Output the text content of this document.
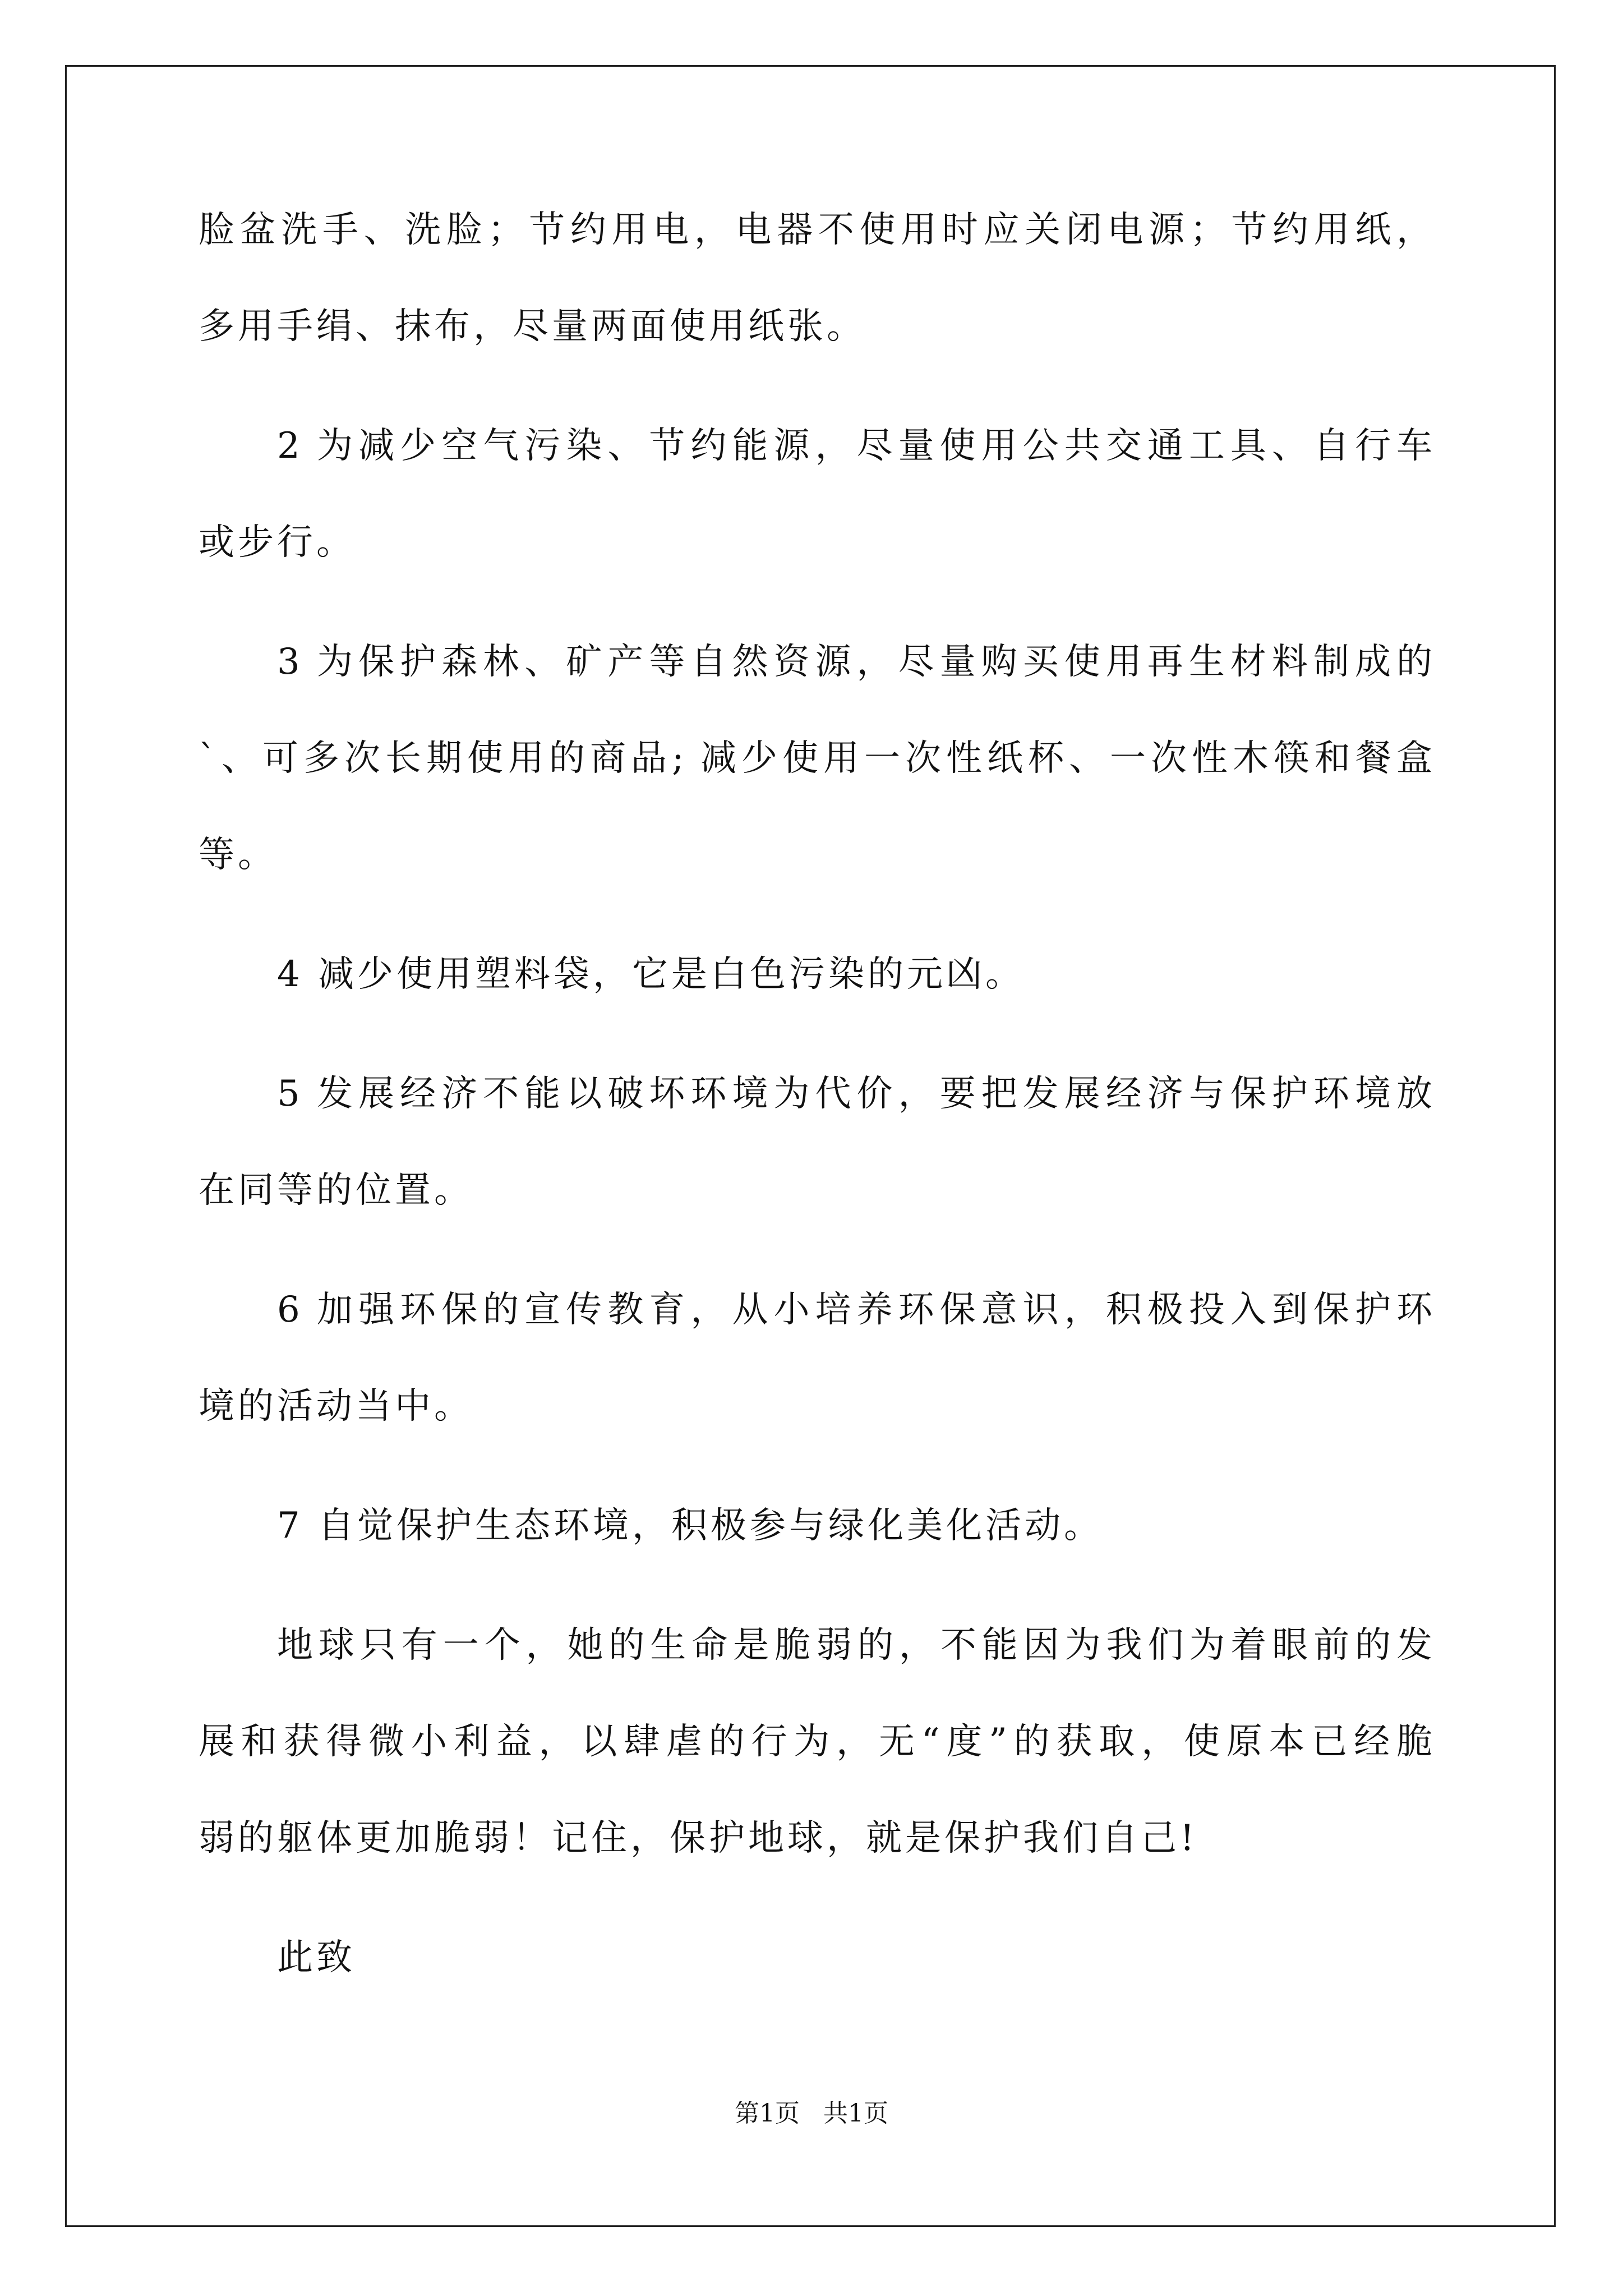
脸盆洗手、洗脸；节约用电，电器不使用时应关闭电源；节约用纸，
多用手绢、抹布，尽量两面使用纸张。
2 为减少空气污染、节约能源，尽量使用公共交通工具、自行车
或步行。
3 为保护森林、矿产等自然资源，尽量购买使用再生材料制成的
`、可多次长期使用的商品; 减少使用一次性纸杯、一次性木筷和餐盒
等。
4 减少使用塑料袋，它是白色污染的元凶。
5 发展经济不能以破坏环境为代价，要把发展经济与保护环境放
在同等的位置。
6 加强环保的宣传教育，从小培养环保意识，积极投入到保护环
境的活动当中。
7 自觉保护生态环境，积极参与绿化美化活动。
地球只有一个，她的生命是脆弱的，不能因为我们为着眼前的发
展和获得微小利益，以肆虐的行为，无“度”的获取，使原本已经脆
弱的躯体更加脆弱！记住，保护地球，就是保护我们自己!
此致
第1页 共1页
